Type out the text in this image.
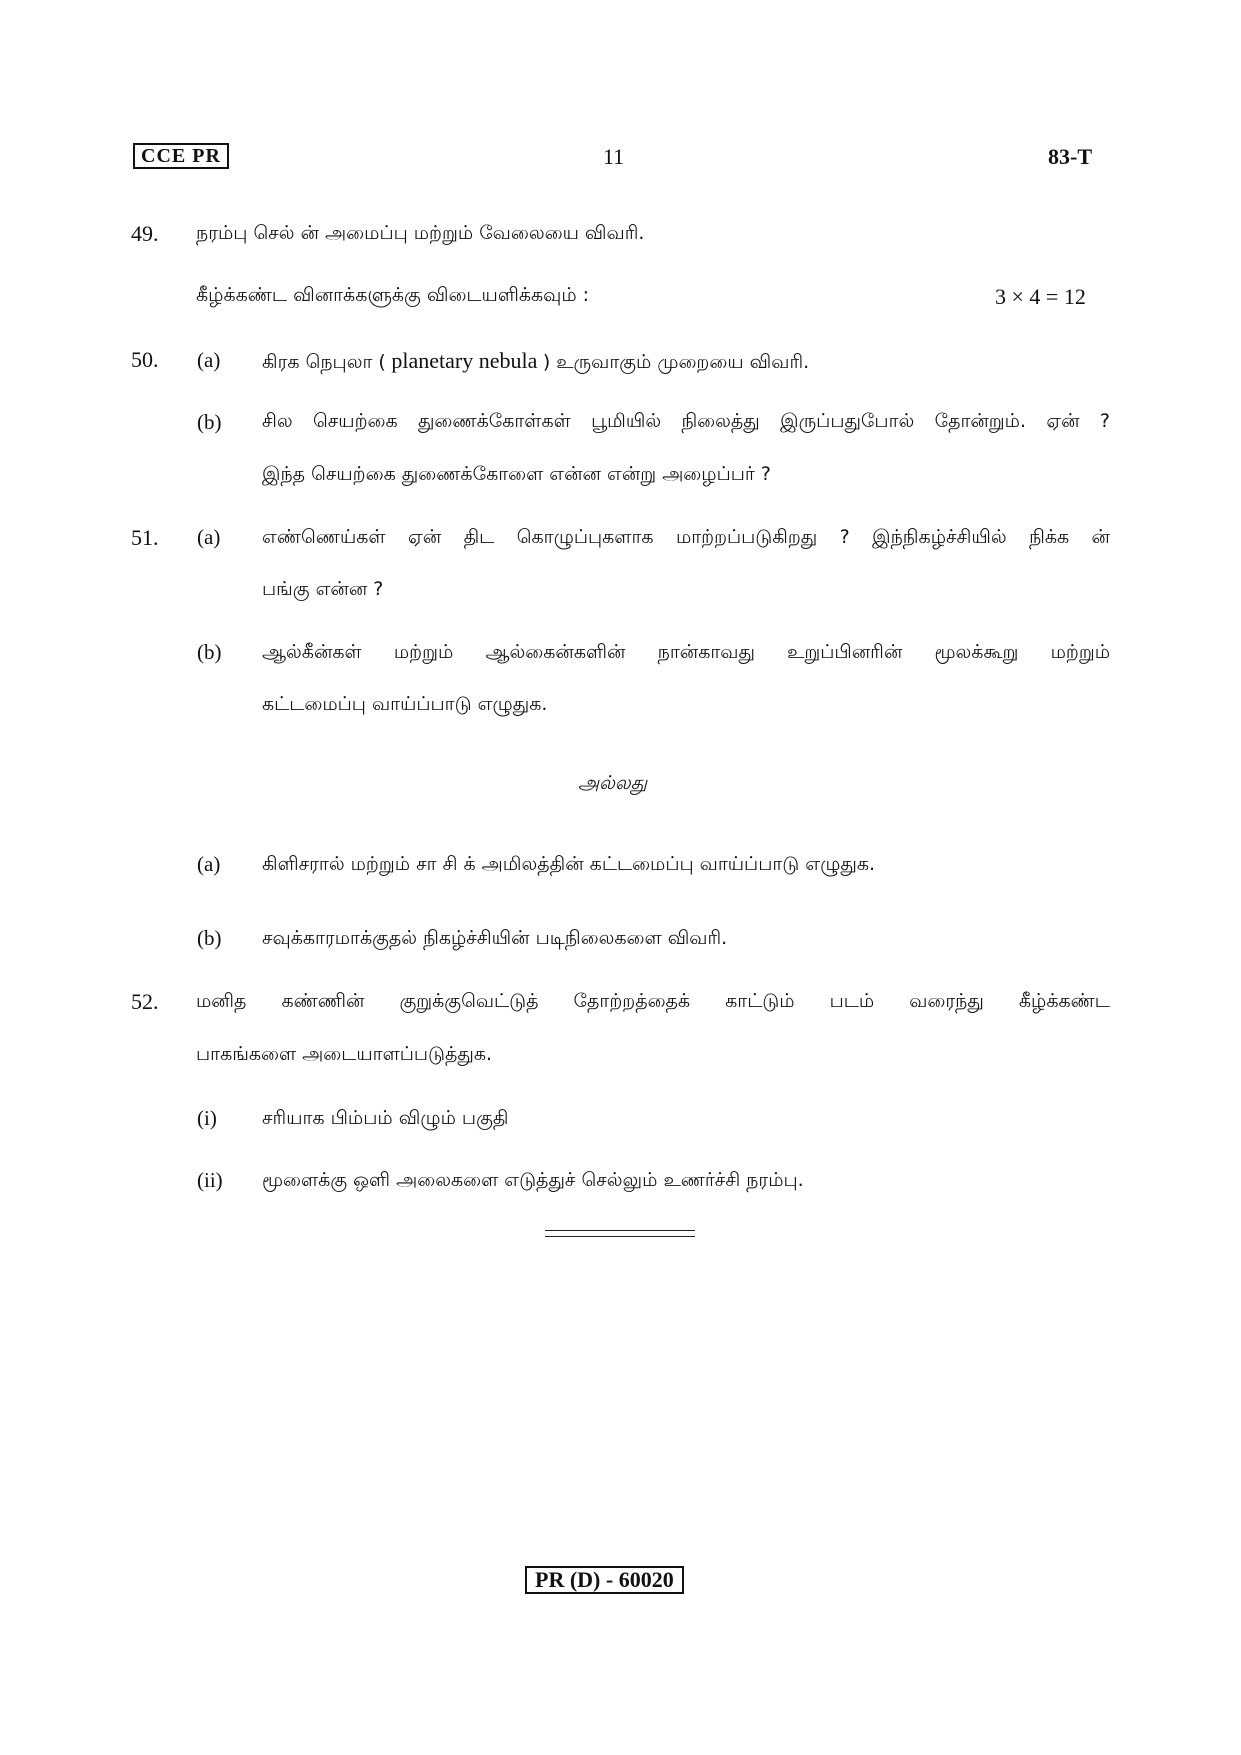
CCE PR	11	83-T
49. நரம்பு செல் ன் அமைப்பு மற்றும் வேலையை விவரி.
கீழ்க்கண்ட வினாக்களுக்கு விடையளிக்கவும் :	3 × 4 = 12
50. (a) கிரக நெபுலா ( planetary nebula ) உருவாகும் முறையை விவரி.
(b) சில செயற்கை துணைக்கோள்கள் பூமியில் நிலைத்து இருப்பதுபோல் தோன்றும். ஏன் ?
இந்த செயற்கை துணைக்கோளை என்ன என்று அழைப்பர் ?
51. (a) எண்ணெய்கள் ஏன் திட கொழுப்புகளாக மாற்றப்படுகிறது ? இந்நிகழ்ச்சியில் நிக்க ன்
பங்கு என்ன ?
(b) ஆல்கீன்கள் மற்றும் ஆல்கைன்களின் நான்காவது உறுப்பினரின் மூலக்கூறு மற்றும்
கட்டமைப்பு வாய்ப்பாடு எழுதுக.
அல்லது
(a) கிளிசரால் மற்றும் சா சி க் அமிலத்தின் கட்டமைப்பு வாய்ப்பாடு எழுதுக.
(b) சவுக்காரமாக்குதல் நிகழ்ச்சியின் படிநிலைகளை விவரி.
52. மனித கண்ணின் குறுக்குவெட்டுத் தோற்றத்தைக் காட்டும் படம் வரைந்து கீழ்க்கண்ட
பாகங்களை அடையாளப்படுத்துக.
(i) சரியாக பிம்பம் விழும் பகுதி
(ii) மூளைக்கு ஒளி அலைகளை எடுத்துச் செல்லும் உணர்ச்சி நரம்பு.
PR (D) - 60020
